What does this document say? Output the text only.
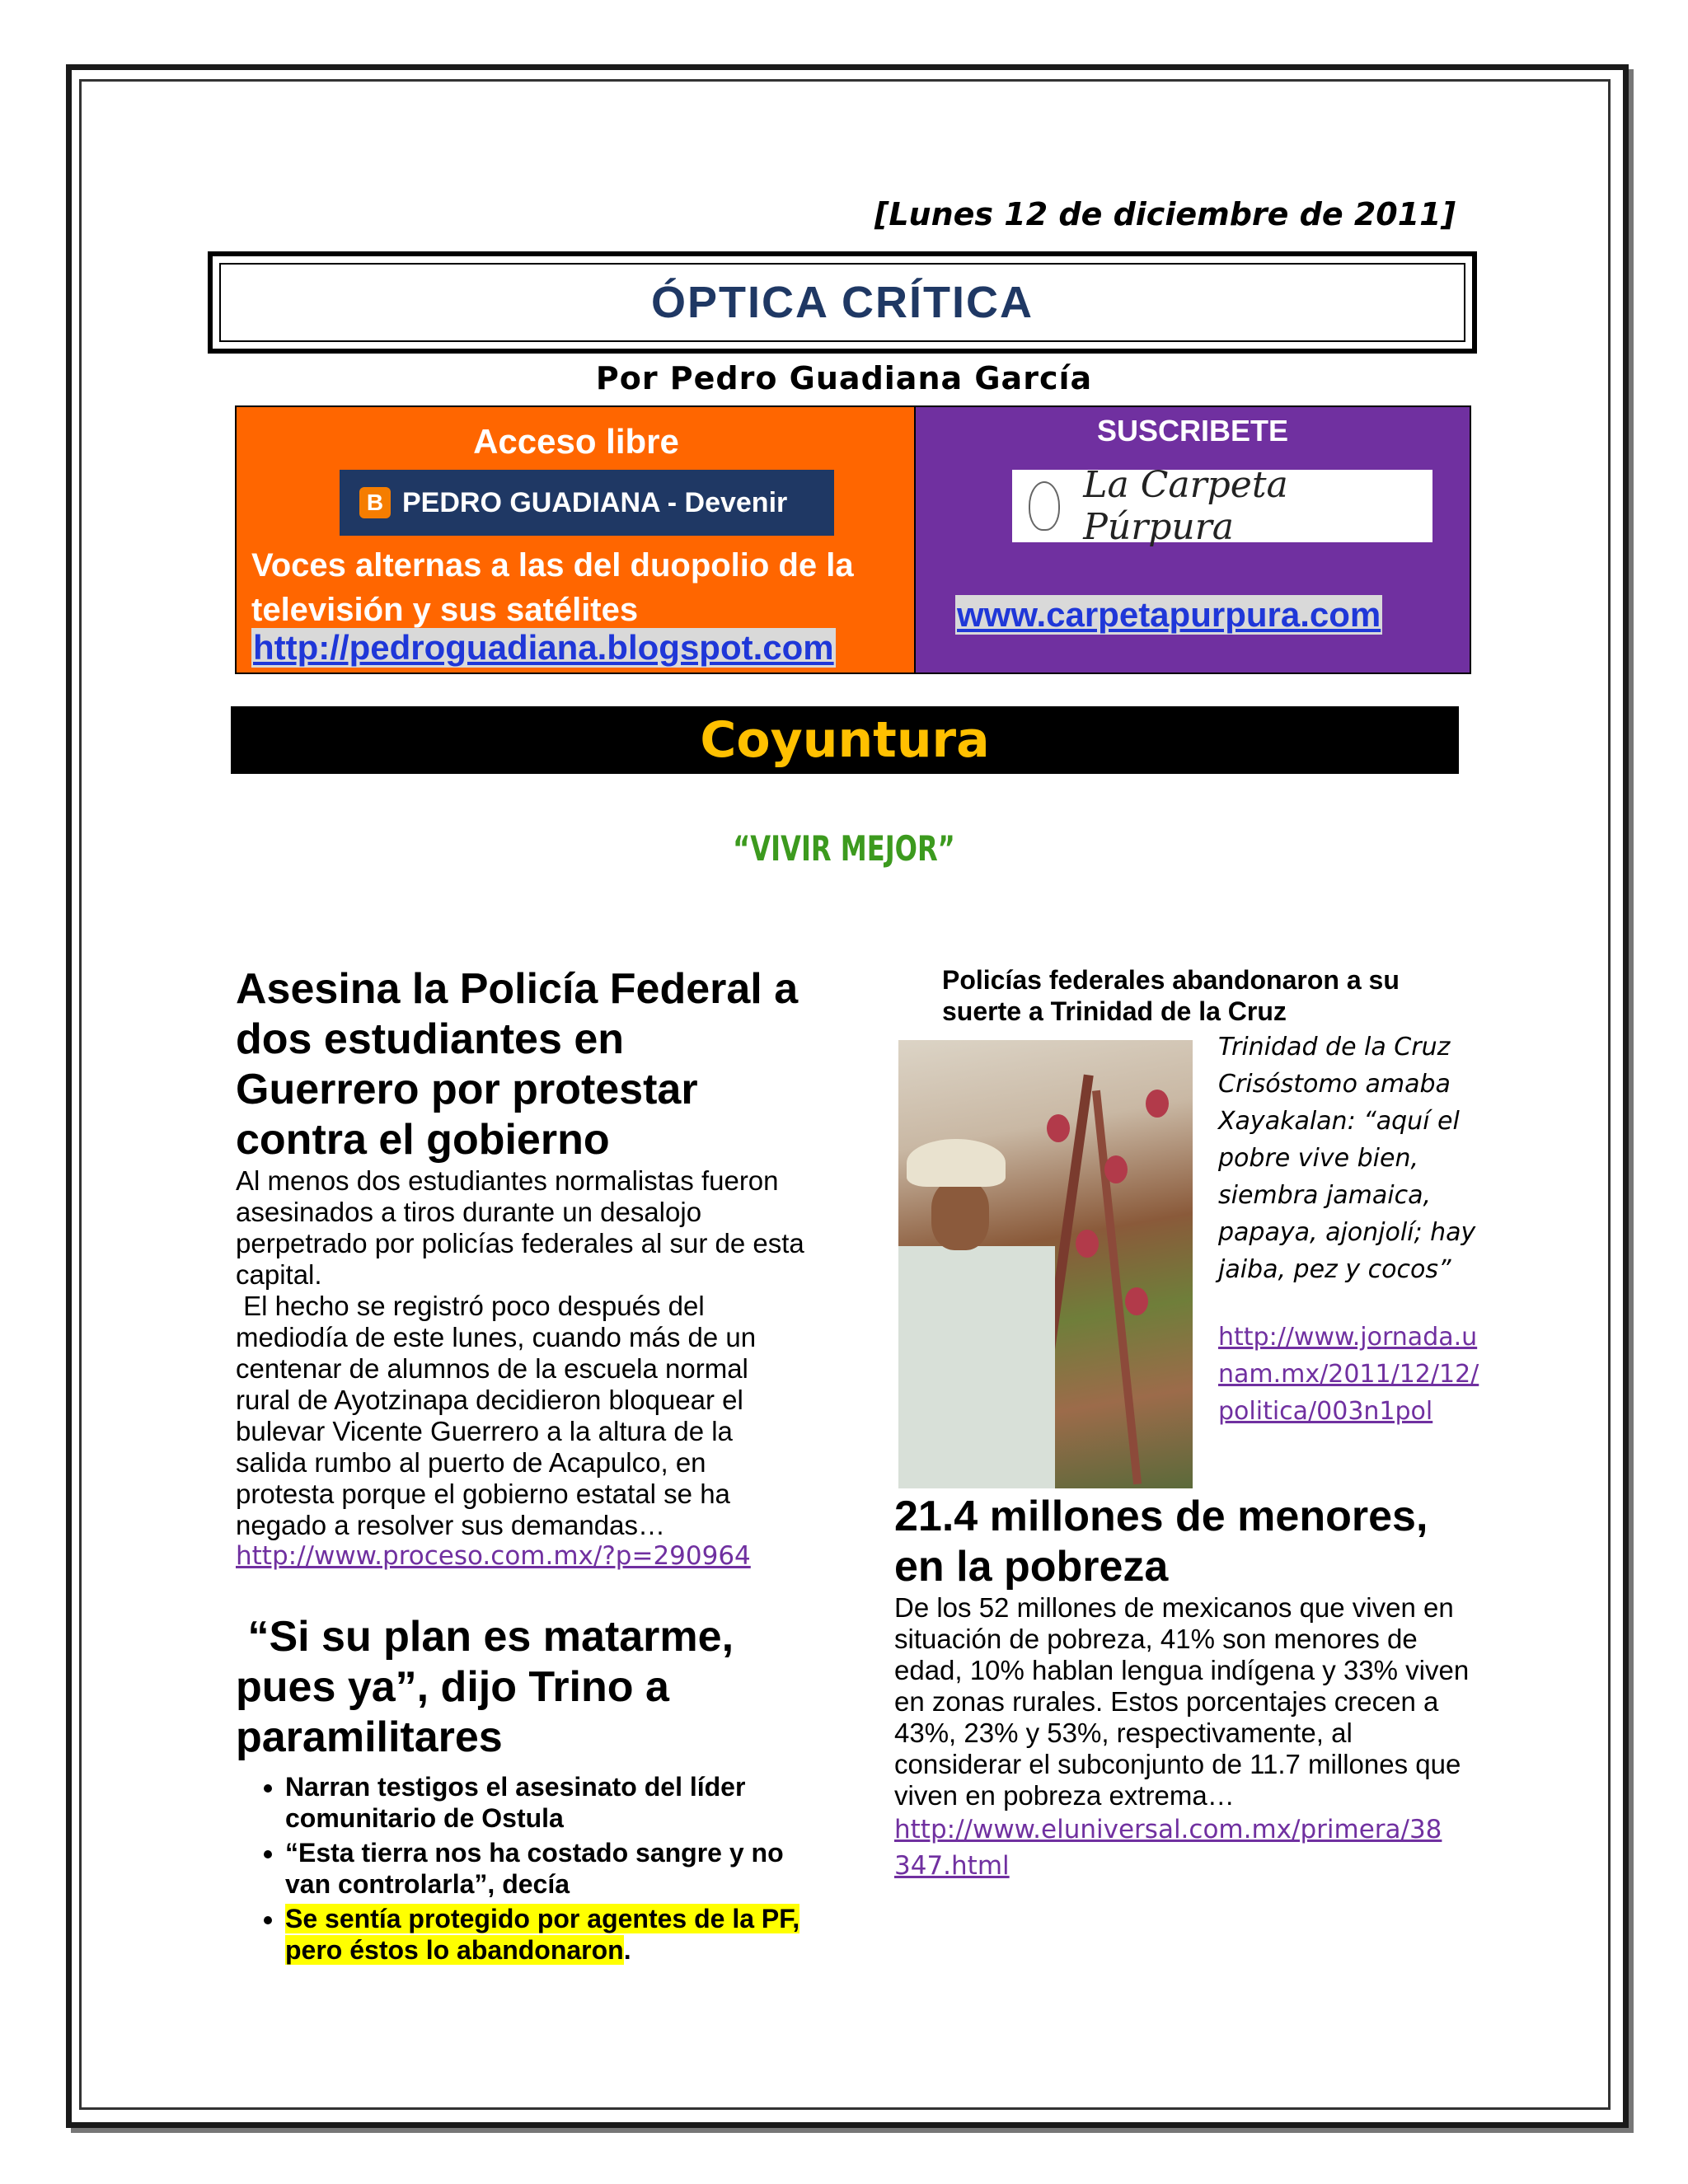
[Lunes 12 de diciembre de 2011]
ÓPTICA CRÍTICA
Por Pedro Guadiana García
Acceso libre
B PEDRO GUADIANA - Devenir
Voces alternas a las del duopolio de la televisión y sus satélites
http://pedroguadiana.blogspot.com
SUSCRIBETE
La Carpeta Púrpura
www.carpetapurpura.com
Coyuntura
“VIVIR MEJOR”
Asesina la Policía Federal a dos estudiantes en Guerrero por protestar contra el gobierno

Al menos dos estudiantes normalistas fueron asesinados a tiros durante un desalojo perpetrado por policías federales al sur de esta capital.

El hecho se registró poco después del mediodía de este lunes, cuando más de un centenar de alumnos de la escuela normal rural de Ayotzinapa decidieron bloquear el bulevar Vicente Guerrero a la altura de la salida rumbo al puerto de Acapulco, en protesta porque el gobierno estatal se ha negado a resolver sus demandas…

http://www.proceso.com.mx/?p=290964
“Si su plan es matarme, pues ya”, dijo Trino a paramilitares
• Narran testigos el asesinato del líder comunitario de Ostula
• “Esta tierra nos ha costado sangre y no van controlarla”, decía
• Se sentía protegido por agentes de la PF, pero éstos lo abandonaron.

Policías federales abandonaron a su suerte a Trinidad de la Cruz

Trinidad de la Cruz Crisóstomo amaba Xayakalan: “aquí el pobre vive bien, siembra jamaica, papaya, ajonjolí; hay jaiba, pez y cocos”
http://www.jornada.unam.mx/2011/12/12/politica/003n1pol
21.4 millones de menores, en la pobreza

De los 52 millones de mexicanos que viven en situación de pobreza, 41% son menores de edad, 10% hablan lengua indígena y 33% viven en zonas rurales. Estos porcentajes crecen a 43%, 23% y 53%, respectivamente, al considerar el subconjunto de 11.7 millones que viven en pobreza extrema…

http://www.eluniversal.com.mx/primera/38347.html
